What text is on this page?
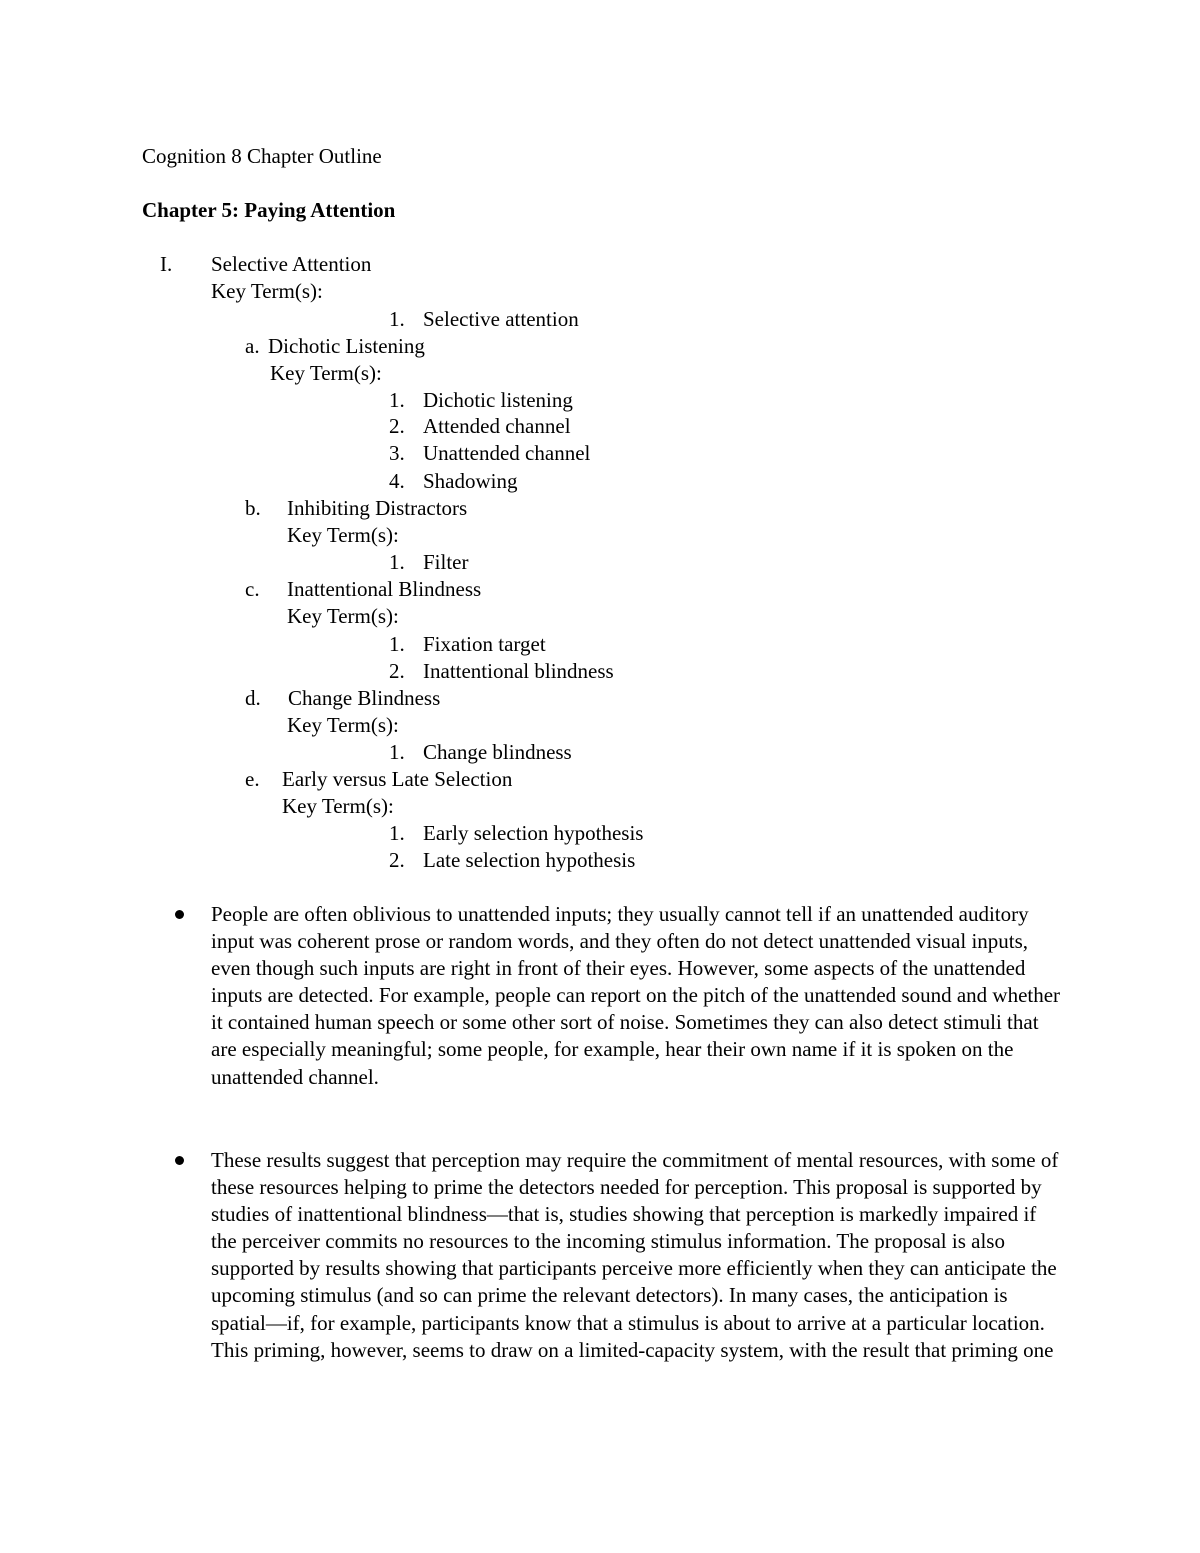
Cognition 8 Chapter Outline
Chapter 5: Paying Attention
I. Selective Attention
Key Term(s):
1. Selective attention
a. Dichotic Listening
Key Term(s):
1. Dichotic listening
2. Attended channel
3. Unattended channel
4. Shadowing
b. Inhibiting Distractors
Key Term(s):
1. Filter
c. Inattentional Blindness
Key Term(s):
1. Fixation target
2. Inattentional blindness
d. Change Blindness
Key Term(s):
1. Change blindness
e. Early versus Late Selection
Key Term(s):
1. Early selection hypothesis
2. Late selection hypothesis
People are often oblivious to unattended inputs; they usually cannot tell if an unattended auditory input was coherent prose or random words, and they often do not detect unattended visual inputs, even though such inputs are right in front of their eyes. However, some aspects of the unattended inputs are detected. For example, people can report on the pitch of the unattended sound and whether it contained human speech or some other sort of noise. Sometimes they can also detect stimuli that are especially meaningful; some people, for example, hear their own name if it is spoken on the unattended channel.
These results suggest that perception may require the commitment of mental resources, with some of these resources helping to prime the detectors needed for perception. This proposal is supported by studies of inattentional blindness—that is, studies showing that perception is markedly impaired if the perceiver commits no resources to the incoming stimulus information. The proposal is also supported by results showing that participants perceive more efficiently when they can anticipate the upcoming stimulus (and so can prime the relevant detectors). In many cases, the anticipation is spatial—if, for example, participants know that a stimulus is about to arrive at a particular location. This priming, however, seems to draw on a limited-capacity system, with the result that priming one
